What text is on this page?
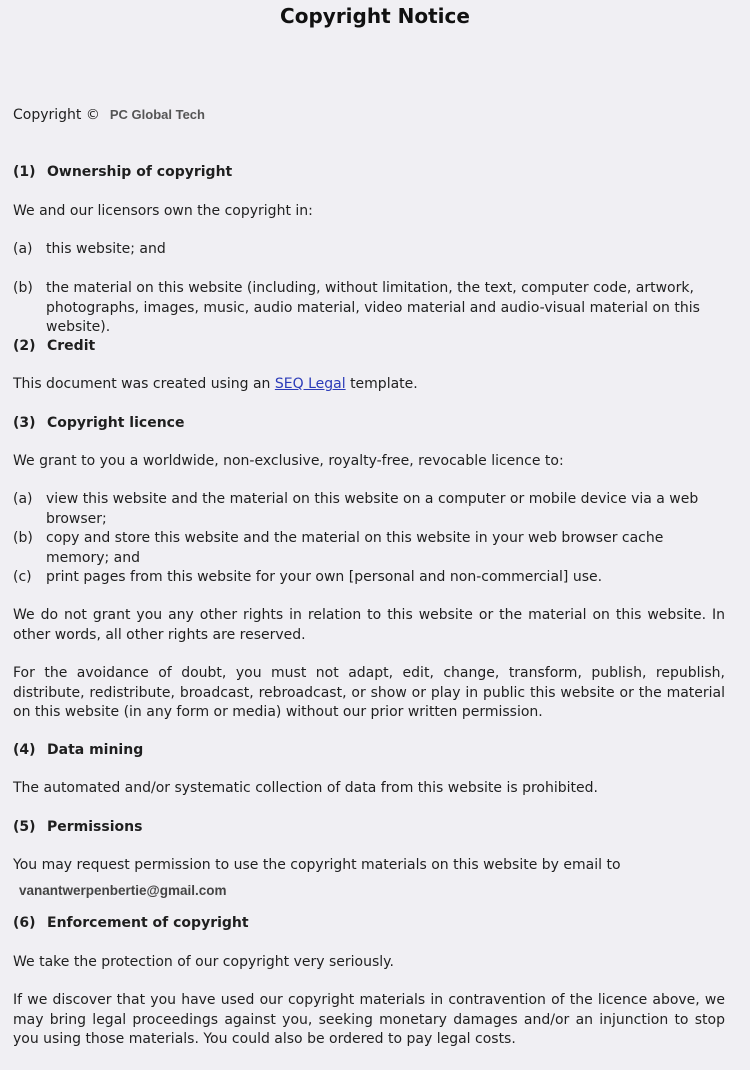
Copyright Notice
Copyright © PC Global Tech
(1) Ownership of copyright
We and our licensors own the copyright in:
(a) this website; and
(b) the material on this website (including, without limitation, the text, computer code, artwork, photographs, images, music, audio material, video material and audio-visual material on this website).
(2) Credit
This document was created using an SEQ Legal template.
(3) Copyright licence
We grant to you a worldwide, non-exclusive, royalty-free, revocable licence to:
(a) view this website and the material on this website on a computer or mobile device via a web browser;
(b) copy and store this website and the material on this website in your web browser cache memory; and
(c)	print pages from this website for your own [personal and non-commercial] use.
We do not grant you any other rights in relation to this website or the material on this website. In other words, all other rights are reserved.
For the avoidance of doubt, you must not adapt, edit, change, transform, publish, republish, distribute, redistribute, broadcast, rebroadcast, or show or play in public this website or the material on this website (in any form or media) without our prior written permission.
(4) Data mining
The automated and/or systematic collection of data from this website is prohibited.
(5) Permissions
You may request permission to use the copyright materials on this website by email to
vanantwerpenbertie@gmail.com
(6) Enforcement of copyright
We take the protection of our copyright very seriously.
If we discover that you have used our copyright materials in contravention of the licence above, we may bring legal proceedings against you, seeking monetary damages and/or an injunction to stop you using those materials. You could also be ordered to pay legal costs.
